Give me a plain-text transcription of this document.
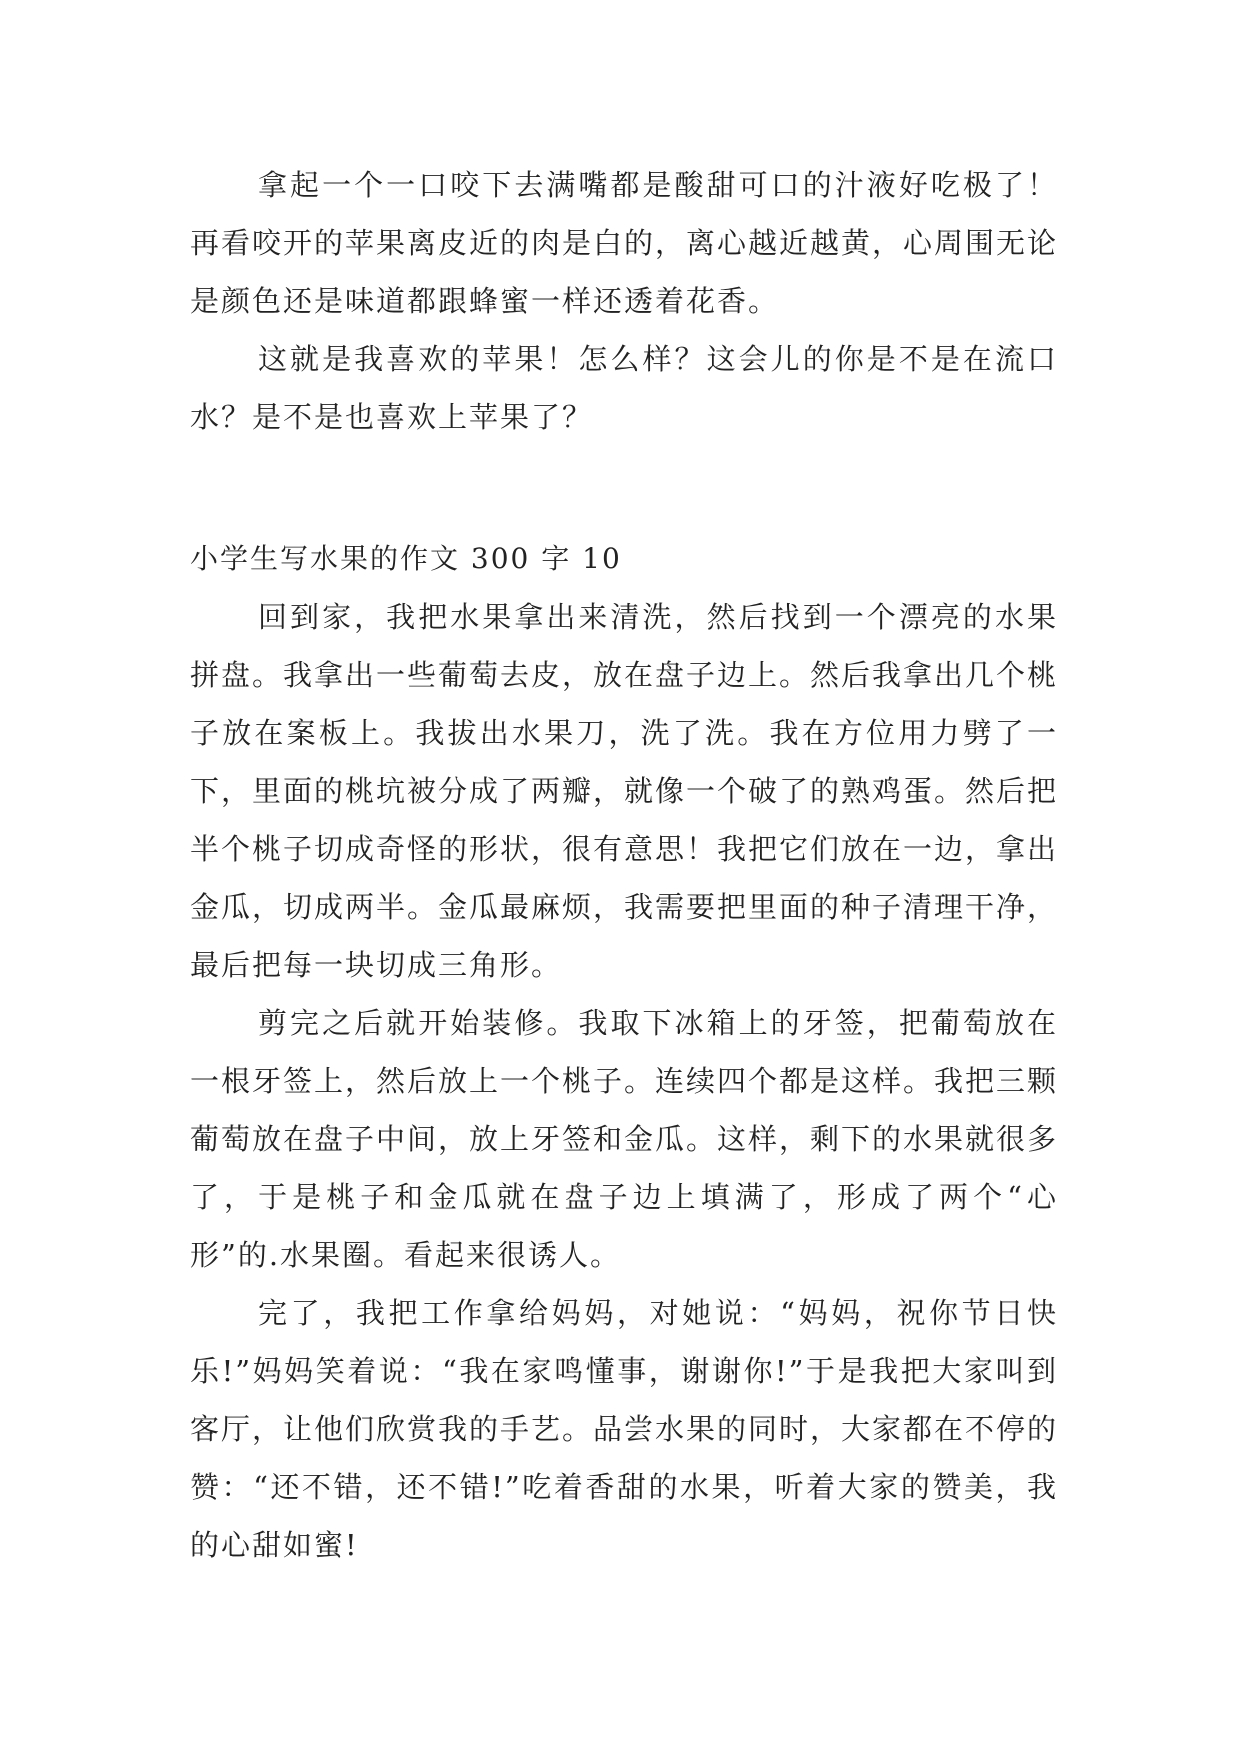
拿起一个一口咬下去满嘴都是酸甜可口的汁液好吃极了！再看咬开的苹果离皮近的肉是白的，离心越近越黄，心周围无论是颜色还是味道都跟蜂蜜一样还透着花香。

这就是我喜欢的苹果！怎么样？这会儿的你是不是在流口水？是不是也喜欢上苹果了？

小学生写水果的作文 300 字 10

回到家，我把水果拿出来清洗，然后找到一个漂亮的水果拼盘。我拿出一些葡萄去皮，放在盘子边上。然后我拿出几个桃子放在案板上。我拔出水果刀，洗了洗。我在方位用力劈了一下，里面的桃坑被分成了两瓣，就像一个破了的熟鸡蛋。然后把半个桃子切成奇怪的形状，很有意思！我把它们放在一边，拿出金瓜，切成两半。金瓜最麻烦，我需要把里面的种子清理干净，最后把每一块切成三角形。

剪完之后就开始装修。我取下冰箱上的牙签，把葡萄放在一根牙签上，然后放上一个桃子。连续四个都是这样。我把三颗葡萄放在盘子中间，放上牙签和金瓜。这样，剩下的水果就很多了，于是桃子和金瓜就在盘子边上填满了，形成了两个“心形”的.水果圈。看起来很诱人。

完了，我把工作拿给妈妈，对她说：“妈妈，祝你节日快乐!”妈妈笑着说：“我在家鸣懂事，谢谢你!”于是我把大家叫到客厅，让他们欣赏我的手艺。品尝水果的同时，大家都在不停的赞：“还不错，还不错!”吃着香甜的水果，听着大家的赞美，我的心甜如蜜!
